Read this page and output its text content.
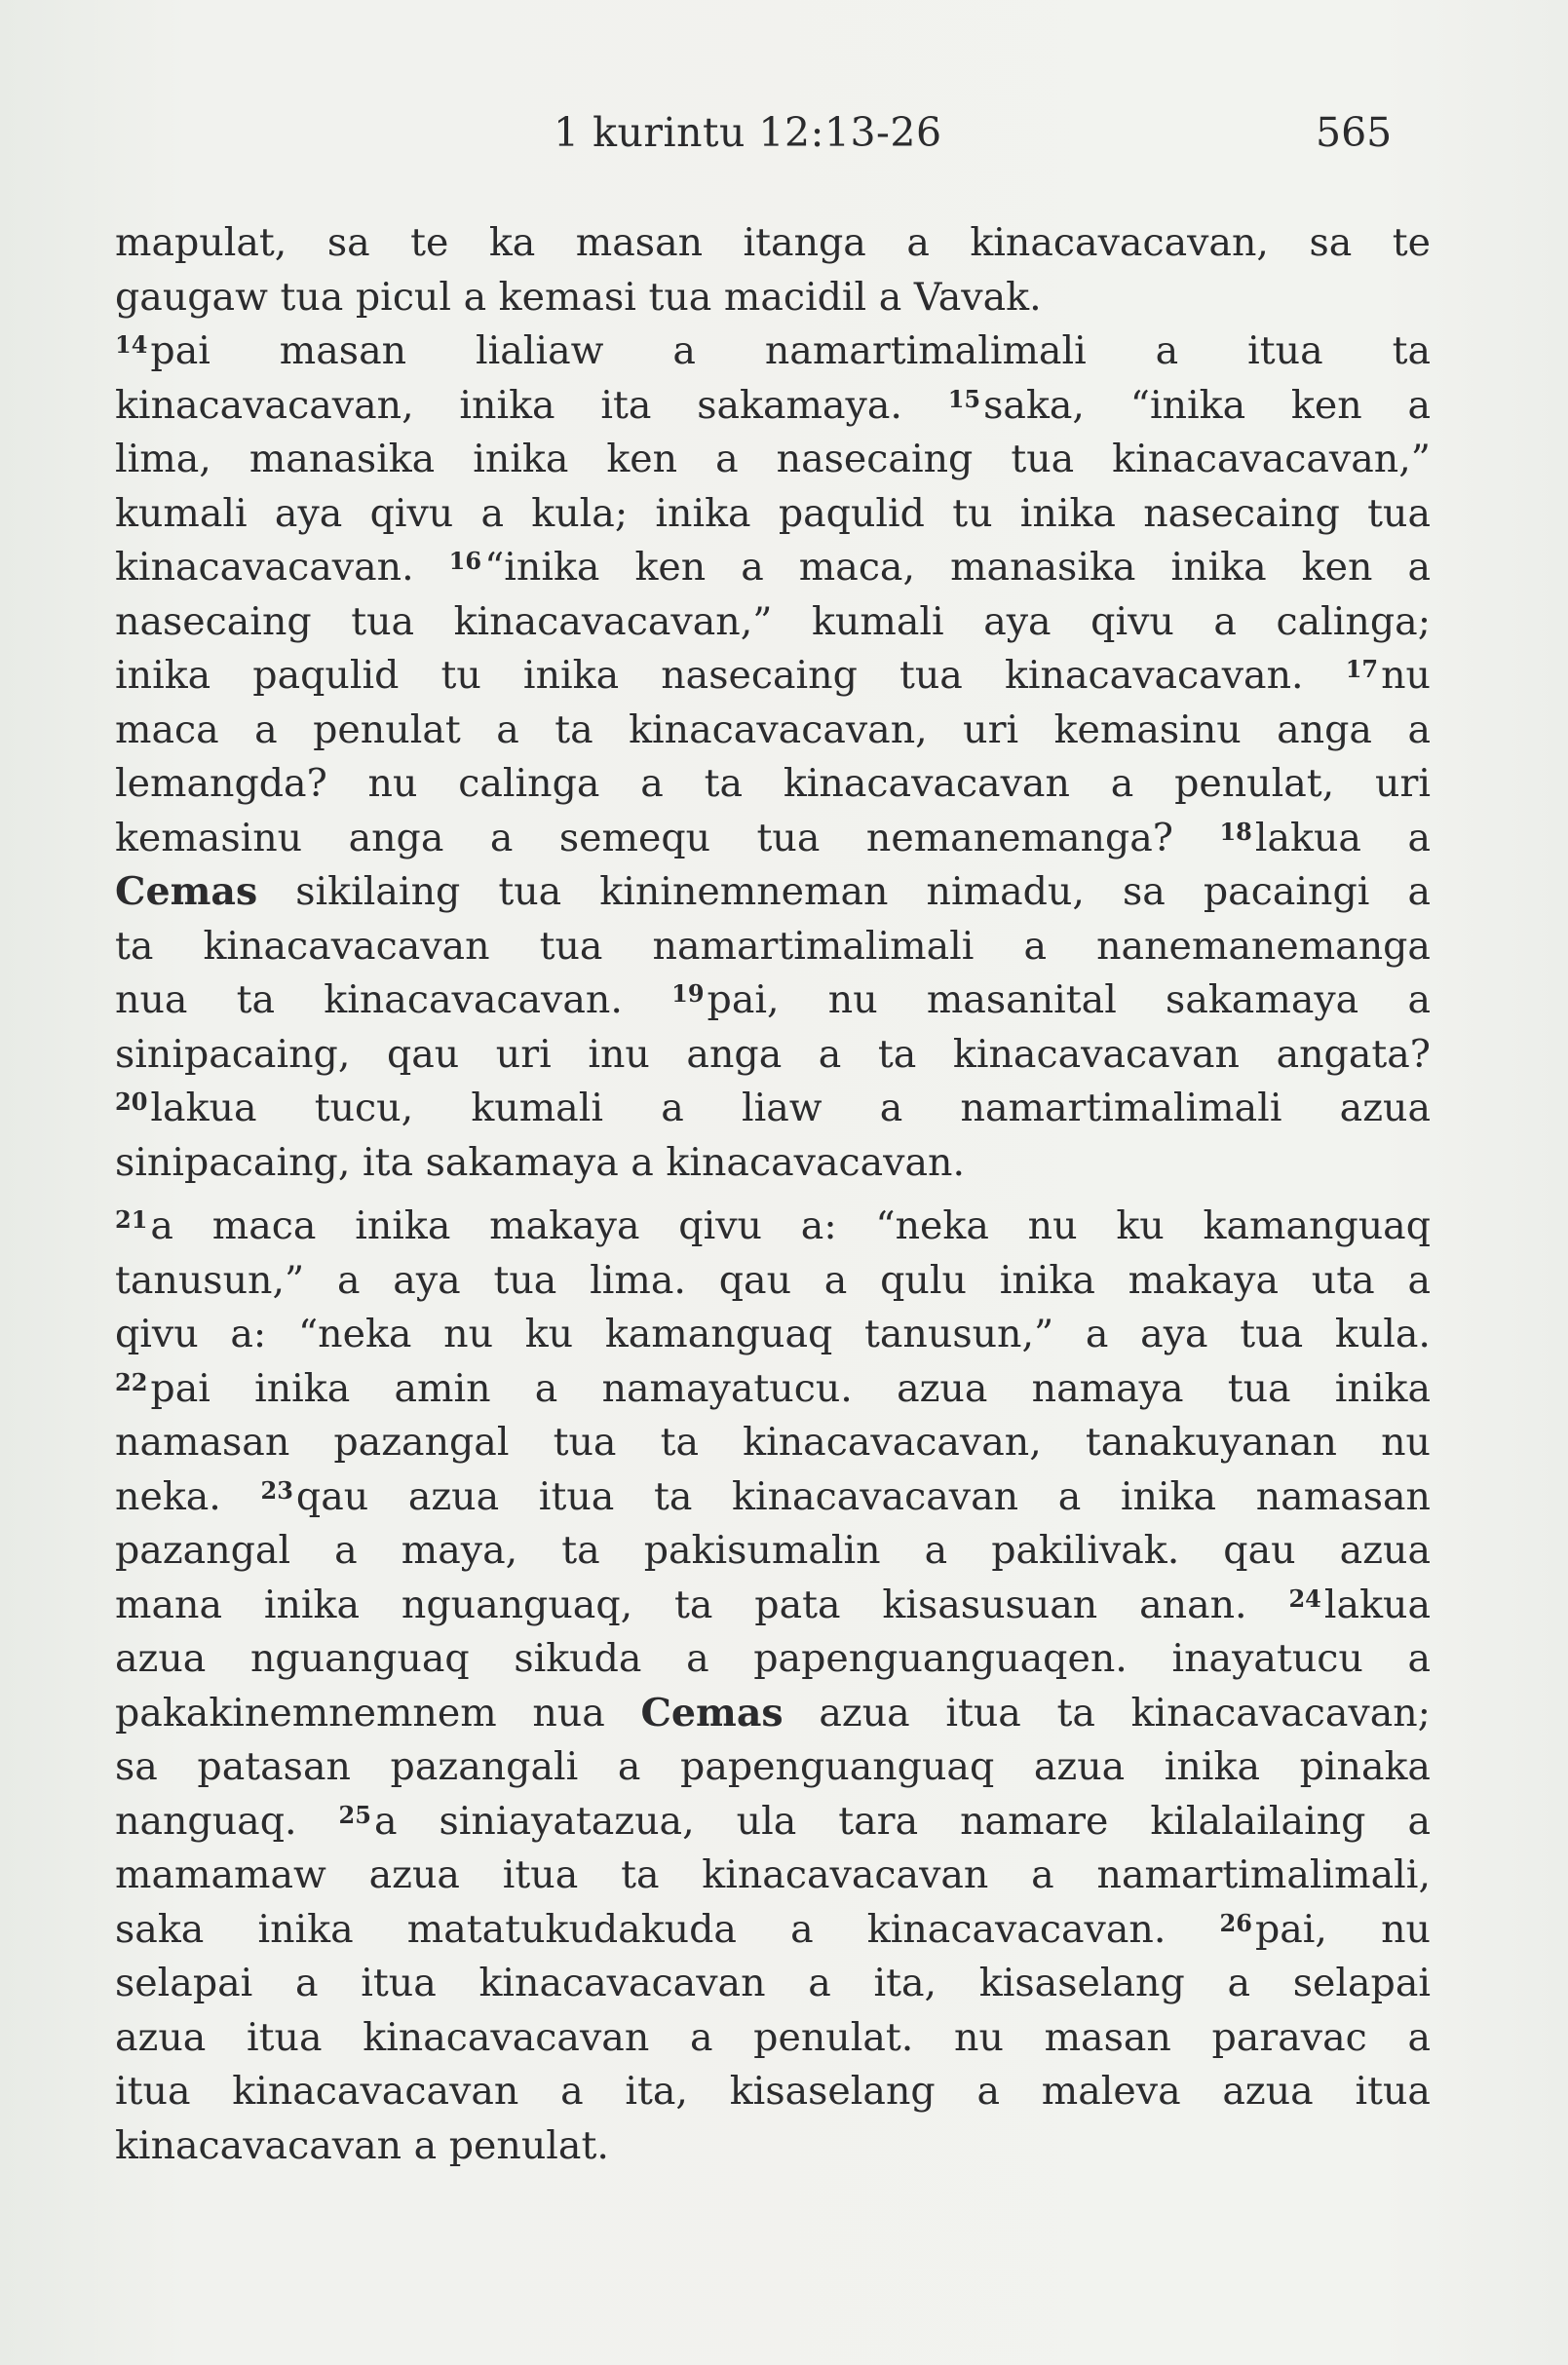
1 kurintu 12:13-26	565
mapulat, sa te ka masan itanga a kinacavacavan, sa te
gaugaw tua picul a kemasi tua macidil a Vavak.
$^{14}$pai masan lialiaw a namartimalimali a itua ta
kinacavacavan, inika ita sakamaya. $^{15}$saka, “inika ken a
lima, manasika inika ken a nasecaing tua kinacavacavan,”
kumali aya qivu a kula; inika paqulid tu inika nasecaing tua
kinacavacavan. $^{16}$“inika ken a maca, manasika inika ken a
nasecaing tua kinacavacavan,” kumali aya qivu a calinga;
inika paqulid tu inika nasecaing tua kinacavacavan. $^{17}$nu
maca a penulat a ta kinacavacavan, uri kemasinu anga a
lemangda? nu calinga a ta kinacavacavan a penulat, uri
kemasinu anga a semequ tua nemanemanga? $^{18}$lakua a
Cemas sikilaing tua kininemneman nimadu, sa pacaingi a
ta kinacavacavan tua namartimalimali a nanemanemanga
nua ta kinacavacavan. $^{19}$pai, nu masanital sakamaya a
sinipacaing, qau uri inu anga a ta kinacavacavan angata?
$^{20}$lakua tucu, kumali a liaw a namartimalimali azua
sinipacaing, ita sakamaya a kinacavacavan.
$^{21}$a maca inika makaya qivu a: “neka nu ku kamanguaq
tanusun,” a aya tua lima. qau a qulu inika makaya uta a
qivu a: “neka nu ku kamanguaq tanusun,” a aya tua kula.
$^{22}$pai inika amin a namayatucu. azua namaya tua inika
namasan pazangal tua ta kinacavacavan, tanakuyanan nu
neka. $^{23}$qau azua itua ta kinacavacavan a inika namasan
pazangal a maya, ta pakisumalin a pakilivak. qau azua
mana inika nguanguaq, ta pata kisasusuan anan. $^{24}$lakua
azua nguanguaq sikuda a papenguanguaqen. inayatucu a
pakakinemnemnem nua Cemas azua itua ta kinacavacavan;
sa patasan pazangali a papenguanguaq azua inika pinaka
nanguaq. $^{25}$a siniayatazua, ula tara namare kilalailaing a
mamamaw azua itua ta kinacavacavan a namartimalimali,
saka inika matatukudakuda a kinacavacavan. $^{26}$pai, nu
selapai a itua kinacavacavan a ita, kisaselang a selapai
azua itua kinacavacavan a penulat. nu masan paravac a
itua kinacavacavan a ita, kisaselang a maleva azua itua
kinacavacavan a penulat.
